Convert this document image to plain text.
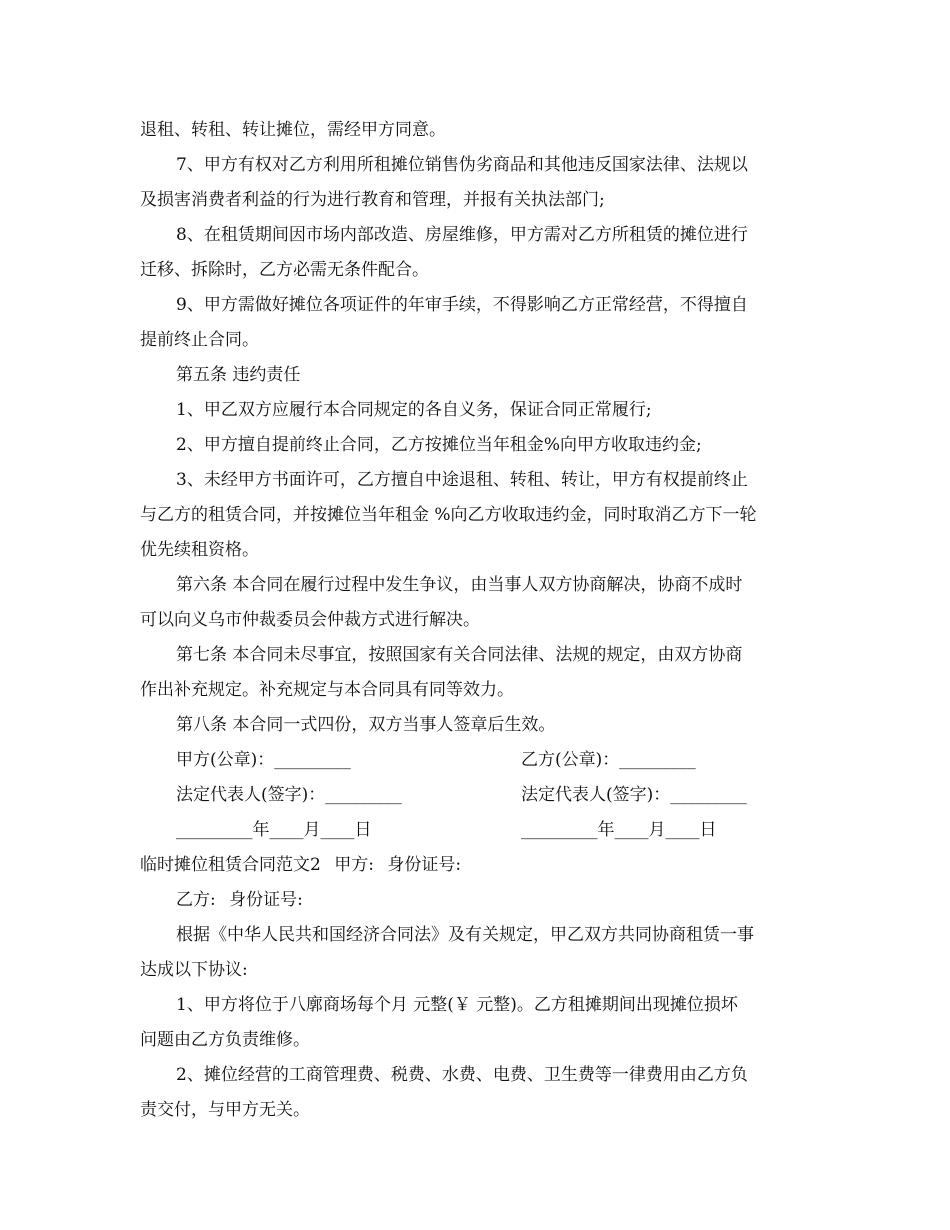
退租、转租、转让摊位，需经甲方同意。
7、甲方有权对乙方利用所租摊位销售伪劣商品和其他违反国家法律、法规以
及损害消费者利益的行为进行教育和管理，并报有关执法部门;
8、在租赁期间因市场内部改造、房屋维修，甲方需对乙方所租赁的摊位进行
迁移、拆除时，乙方必需无条件配合。
9、甲方需做好摊位各项证件的年审手续，不得影响乙方正常经营，不得擅自
提前终止合同。
第五条 违约责任
1、甲乙双方应履行本合同规定的各自义务，保证合同正常履行;
2、甲方擅自提前终止合同，乙方按摊位当年租金%向甲方收取违约金;
3、未经甲方书面许可，乙方擅自中途退租、转租、转让，甲方有权提前终止
与乙方的租赁合同，并按摊位当年租金 %向乙方收取违约金，同时取消乙方下一轮
优先续租资格。
第六条 本合同在履行过程中发生争议，由当事人双方协商解决，协商不成时
可以向义乌市仲裁委员会仲裁方式进行解决。
第七条 本合同未尽事宜，按照国家有关合同法律、法规的规定，由双方协商
作出补充规定。补充规定与本合同具有同等效力。
第八条 本合同一式四份，双方当事人签章后生效。
甲方(公章)：_________	乙方(公章)：_________
法定代表人(签字)：_________	法定代表人(签字)：_________
_________年____月____日	_________年____月____日
临时摊位租赁合同范文2 甲方: 身份证号:
乙方: 身份证号:
根据《中华人民共和国经济合同法》及有关规定，甲乙双方共同协商租赁一事
达成以下协议:
1、甲方将位于八廓商场每个月 元整(￥ 元整)。乙方租摊期间出现摊位损坏
问题由乙方负责维修。
2、摊位经营的工商管理费、税费、水费、电费、卫生费等一律费用由乙方负
责交付，与甲方无关。
